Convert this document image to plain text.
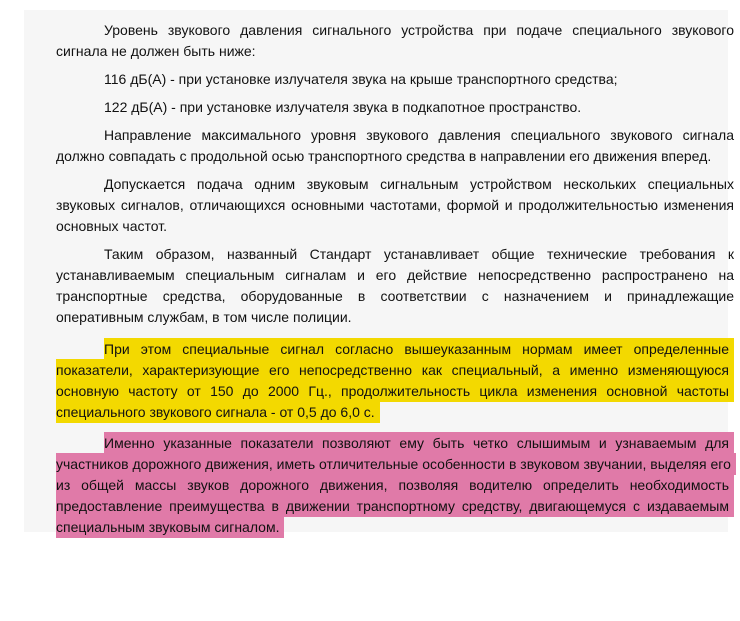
Уровень звукового давления сигнального устройства при подаче специального звукового сигнала не должен быть ниже:

116 дБ(А) - при установке излучателя звука на крыше транспортного средства;

122 дБ(А) - при установке излучателя звука в подкапотное пространство.

Направление максимального уровня звукового давления специального звукового сигнала должно совпадать с продольной осью транспортного средства в направлении его движения вперед.

Допускается подача одним звуковым сигнальным устройством нескольких специальных звуковых сигналов, отличающихся основными частотами, формой и продолжительностью изменения основных частот.

Таким образом, названный Стандарт устанавливает общие технические требования к устанавливаемым специальным сигналам и его действие непосредственно распространено на транспортные средства, оборудованные в соответствии с назначением и принадлежащие оперативным службам, в том числе полиции.

При этом специальные сигнал согласно вышеуказанным нормам имеет определенные показатели, характеризующие его непосредственно как специальный, а именно изменяющуюся основную частоту от 150 до 2000 Гц., продолжительность цикла изменения основной частоты специального звукового сигнала - от 0,5 до 6,0 с.

Именно указанные показатели позволяют ему быть четко слышимым и узнаваемым для участников дорожного движения, иметь отличительные особенности в звуковом звучании, выделяя его из общей массы звуков дорожного движения, позволяя водителю определить необходимость предоставление преимущества в движении транспортному средству, двигающемуся с издаваемым специальным звуковым сигналом.
